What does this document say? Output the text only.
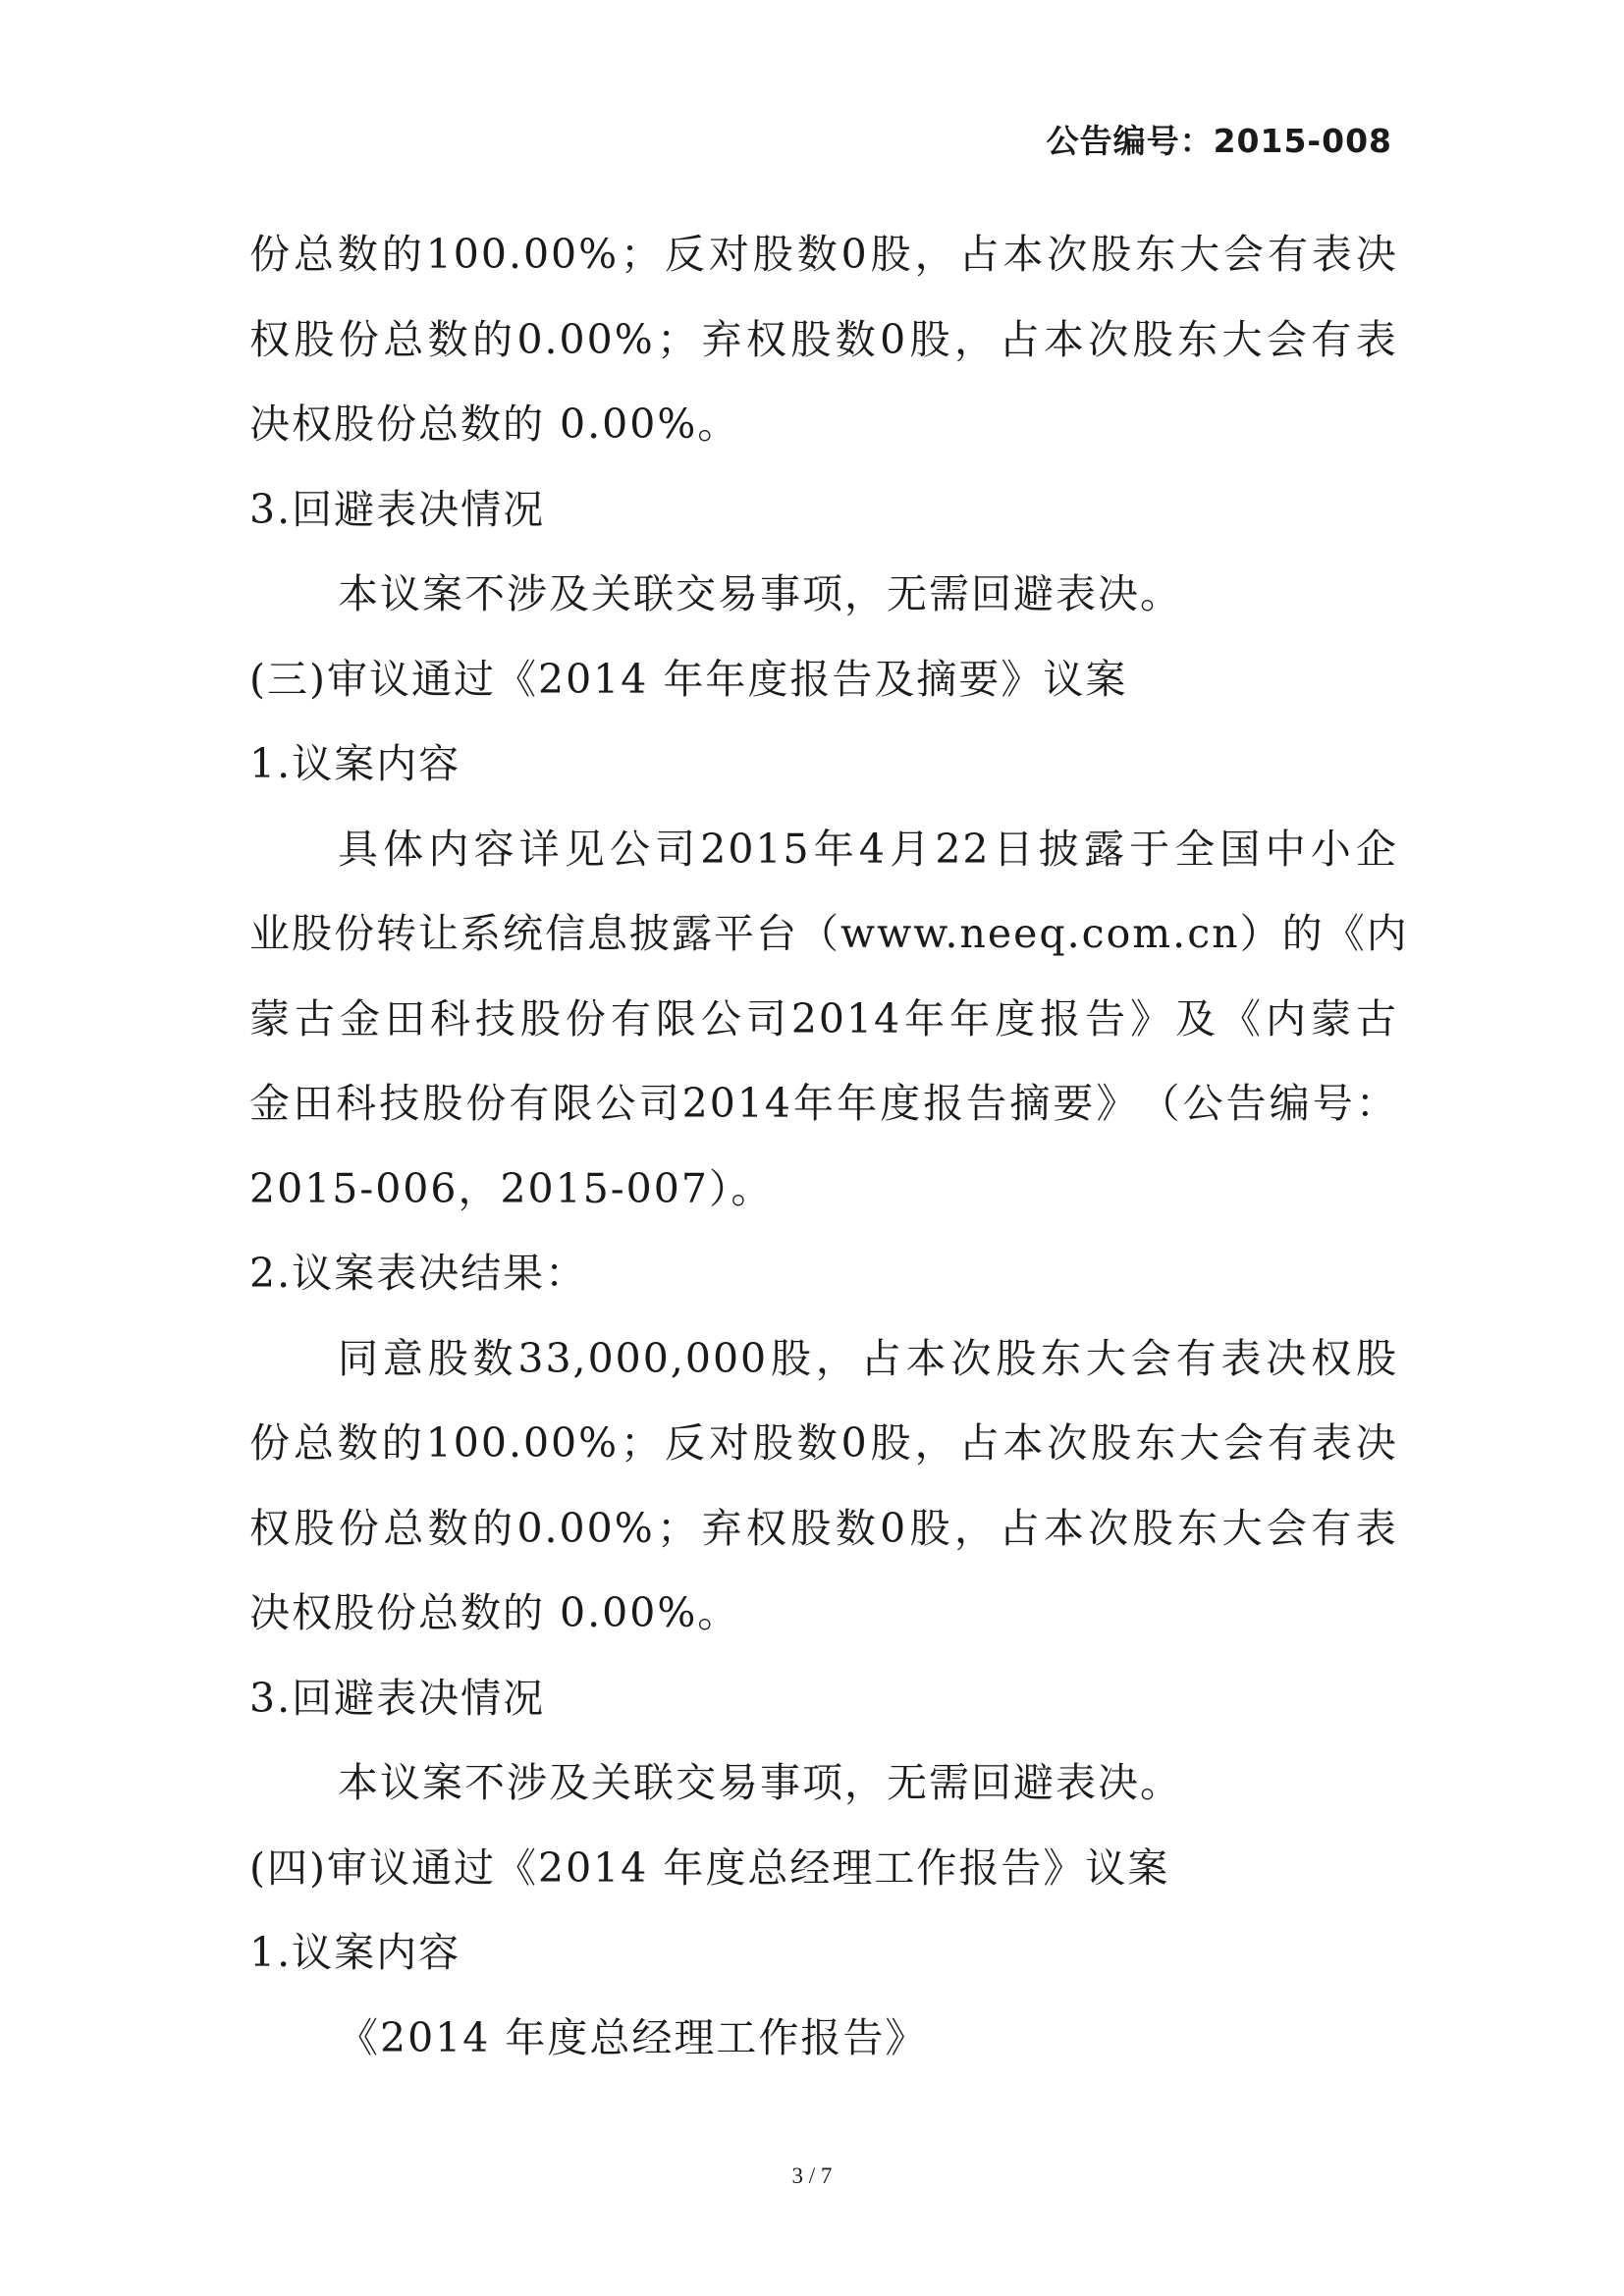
公告编号：2015-008
份 总 数 的 100.00% ； 反 对 股 数 0 股 ， 占 本 次 股 东 大 会 有 表 决
权 股 份 总 数 的 0.00% ； 弃 权 股 数 0 股 ， 占 本 次 股 东 大 会 有 表
决权股份总数的 0.00%。
3.回避表决情况
本议案不涉及关联交易事项，无需回避表决。
(三)审议通过《2014 年年度报告及摘要》议案
1.议案内容
具 体 内 容 详 见 公 司 2015 年 4 月 22 日 披 露 于 全 国 中 小 企
业 股 份 转 让 系 统 信 息 披 露 平 台 （ www.neeq.com.cn ） 的 《 内
蒙 古 金 田 科 技 股 份 有 限 公 司 2014 年 年 度 报 告 》 及 《 内 蒙 古
金 田 科 技 股 份 有 限 公 司 2014 年 年 度 报 告 摘 要 》 （ 公 告 编 号 ：
2015-006，2015-007）。
2.议案表决结果：
同 意 股 数 33,000,000 股 ， 占 本 次 股 东 大 会 有 表 决 权 股
份 总 数 的 100.00% ； 反 对 股 数 0 股 ， 占 本 次 股 东 大 会 有 表 决
权 股 份 总 数 的 0.00% ； 弃 权 股 数 0 股 ， 占 本 次 股 东 大 会 有 表
决权股份总数的 0.00%。
3.回避表决情况
本议案不涉及关联交易事项，无需回避表决。
(四)审议通过《2014 年度总经理工作报告》议案
1.议案内容
《2014 年度总经理工作报告》
3 / 7
